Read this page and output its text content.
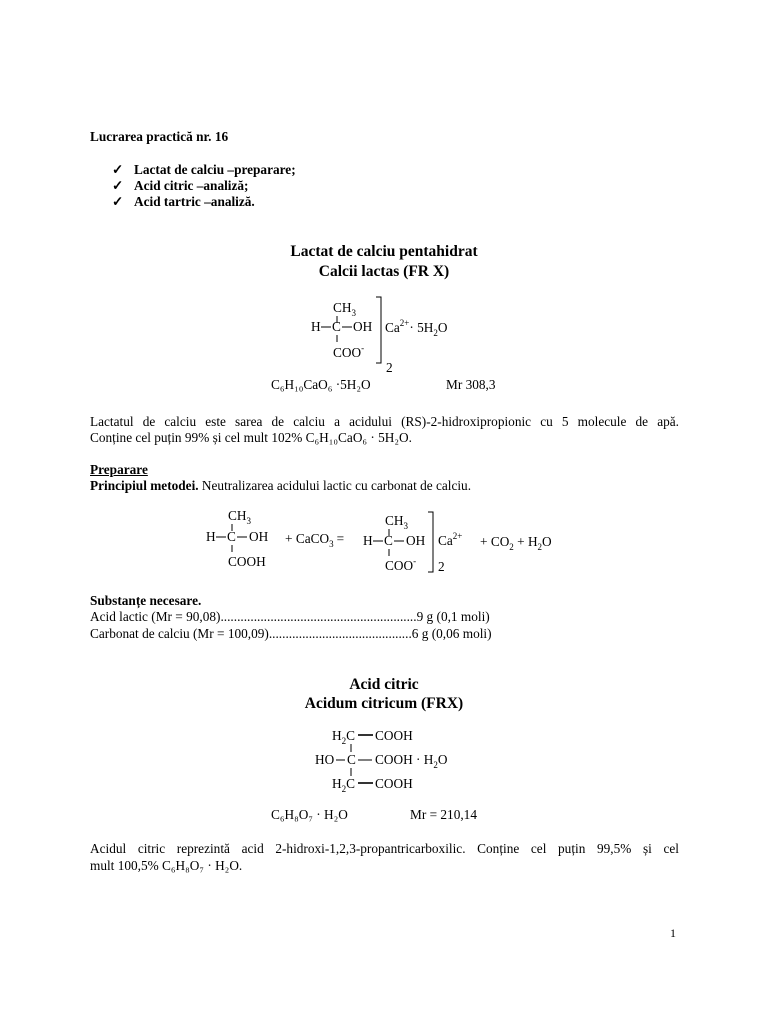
Lucrarea practică nr. 16
✓ Lactat de calciu –preparare;
✓ Acid citric –analiză;
✓ Acid tartric –analiză.
Lactat de calciu pentahidrat
Calcii lactas (FR X)
$CH_3$
H C OH
COO-
$Ca^{2+}\cdot 5H_2O$
2
$CH_3$
H C OH
COOH
+ CaCO$_3$ =
$CH_3$
H C OH
COO-
$Ca^{2+}$
2
+ $CO_2 + H_2O$
$H_2C$ COOH
HO C COOH · $H_2O$
$H_2C$ COOH
C₆H₁₀CaO₆ ·5H₂O	Mr 308,3
Lactatul de calciu este sarea de calciu a acidului (RS)-2-hidroxipropionic cu 5 molecule de apă.
Conține cel puțin 99% și cel mult 102% C₆H₁₀CaO₆ · 5H₂O.
Preparare
Principiul metodei. Neutralizarea acidului lactic cu carbonat de calciu.
Substanțe necesare.
Acid lactic (Mr = 90,08)...........................................................9 g (0,1 moli)
Carbonat de calciu (Mr = 100,09)...........................................6 g (0,06 moli)
Acid citric
Acidum citricum (FRX)
C₆H₈O₇ · H₂O	Mr = 210,14
Acidul citric reprezintă acid 2-hidroxi-1,2,3-propantricarboxilic. Conține cel puțin 99,5% și cel
mult 100,5% C₆H₈O₇ · H₂O.
1
